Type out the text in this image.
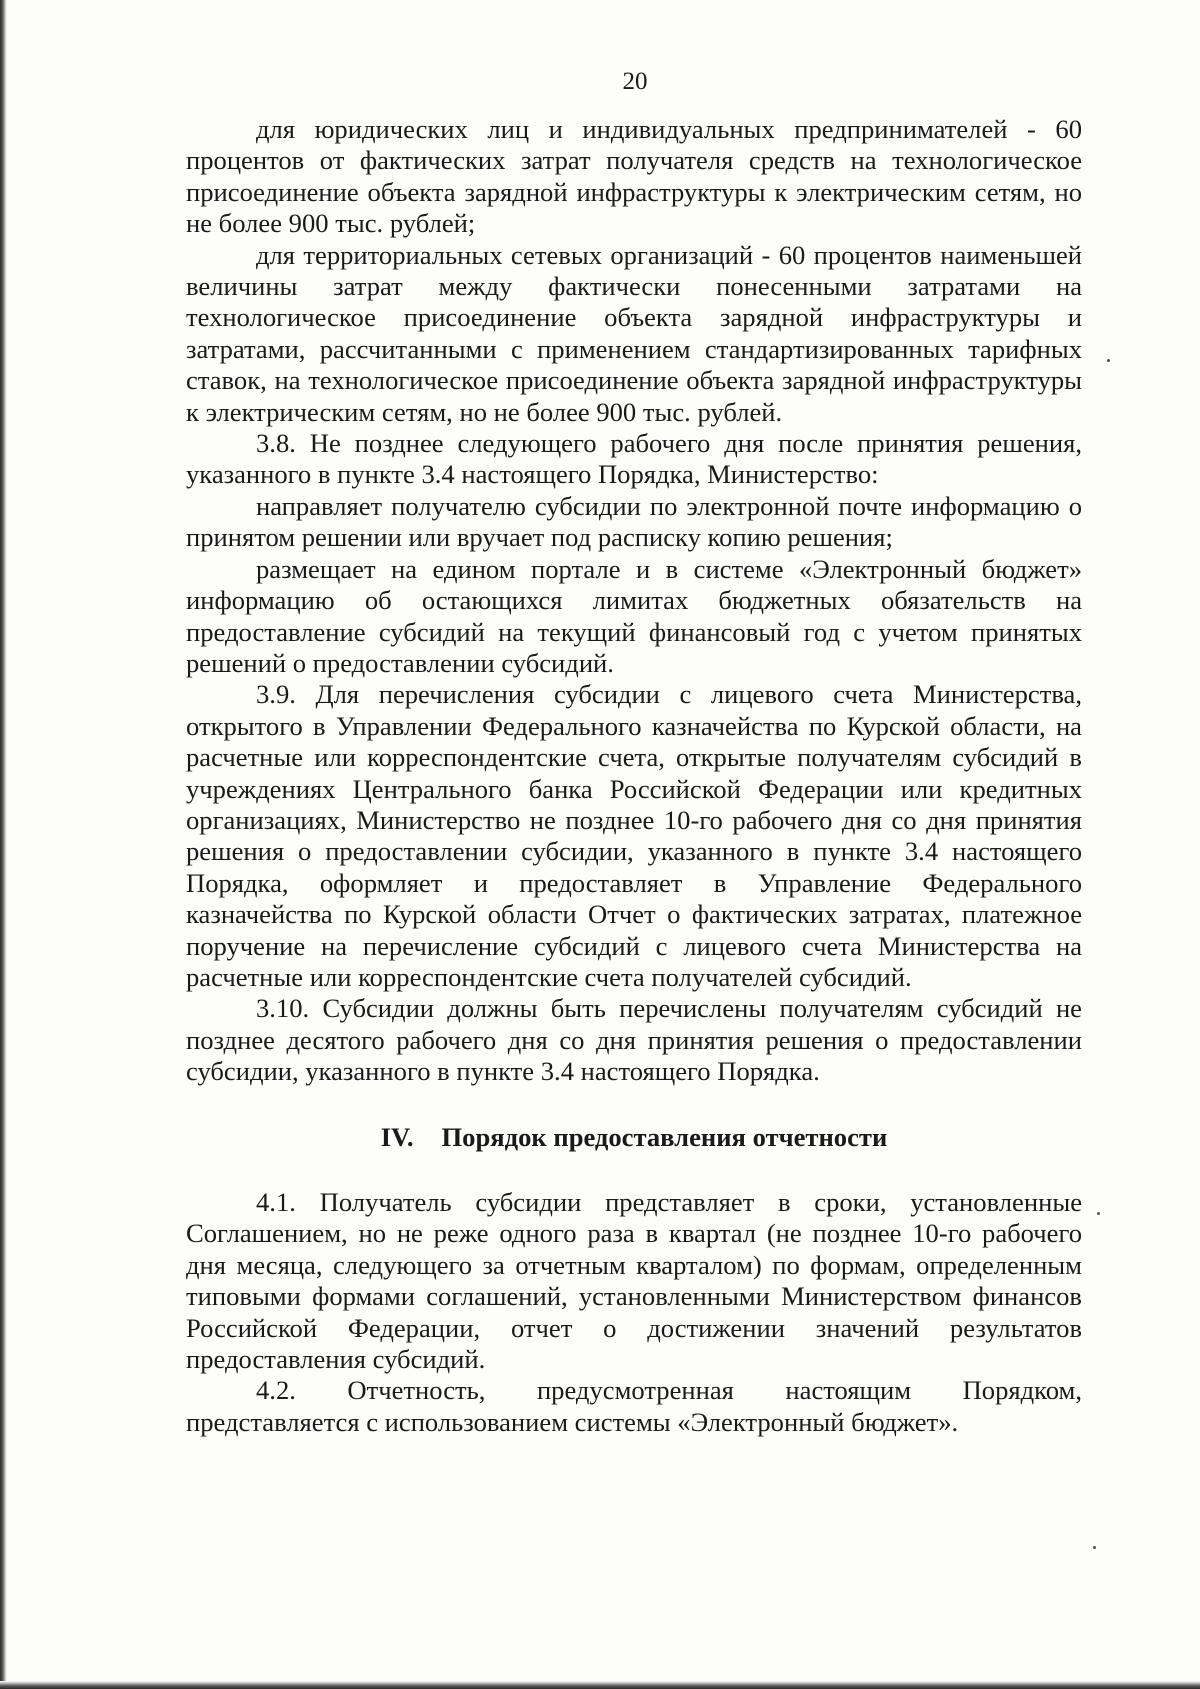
20

для юридических лиц и индивидуальных предпринимателей - 60 процентов от фактических затрат получателя средств на технологическое присоединение объекта зарядной инфраструктуры к электрическим сетям, но не более 900 тыс. рублей;

для территориальных сетевых организаций - 60 процентов наименьшей величины затрат между фактически понесенными затратами на технологическое присоединение объекта зарядной инфраструктуры и затратами, рассчитанными с применением стандартизированных тарифных ставок, на технологическое присоединение объекта зарядной инфраструктуры к электрическим сетям, но не более 900 тыс. рублей.

3.8. Не позднее следующего рабочего дня после принятия решения, указанного в пункте 3.4 настоящего Порядка, Министерство:

направляет получателю субсидии по электронной почте информацию о принятом решении или вручает под расписку копию решения;

размещает на едином портале и в системе «Электронный бюджет» информацию об остающихся лимитах бюджетных обязательств на предоставление субсидий на текущий финансовый год с учетом принятых решений о предоставлении субсидий.

3.9. Для перечисления субсидии с лицевого счета Министерства, открытого в Управлении Федерального казначейства по Курской области, на расчетные или корреспондентские счета, открытые получателям субсидий в учреждениях Центрального банка Российской Федерации или кредитных организациях, Министерство не позднее 10-го рабочего дня со дня принятия решения о предоставлении субсидии, указанного в пункте 3.4 настоящего Порядка, оформляет и предоставляет в Управление Федерального казначейства по Курской области Отчет о фактических затратах, платежное поручение на перечисление субсидий с лицевого счета Министерства на расчетные или корреспондентские счета получателей субсидий.

3.10. Субсидии должны быть перечислены получателям субсидий не позднее десятого рабочего дня со дня принятия решения о предоставлении субсидии, указанного в пункте 3.4 настоящего Порядка.

IV. Порядок предоставления отчетности

4.1. Получатель субсидии представляет в сроки, установленные Соглашением, но не реже одного раза в квартал (не позднее 10-го рабочего дня месяца, следующего за отчетным кварталом) по формам, определенным типовыми формами соглашений, установленными Министерством финансов Российской Федерации, отчет о достижении значений результатов предоставления субсидий.

4.2. Отчетность, предусмотренная настоящим Порядком, представляется с использованием системы «Электронный бюджет».
